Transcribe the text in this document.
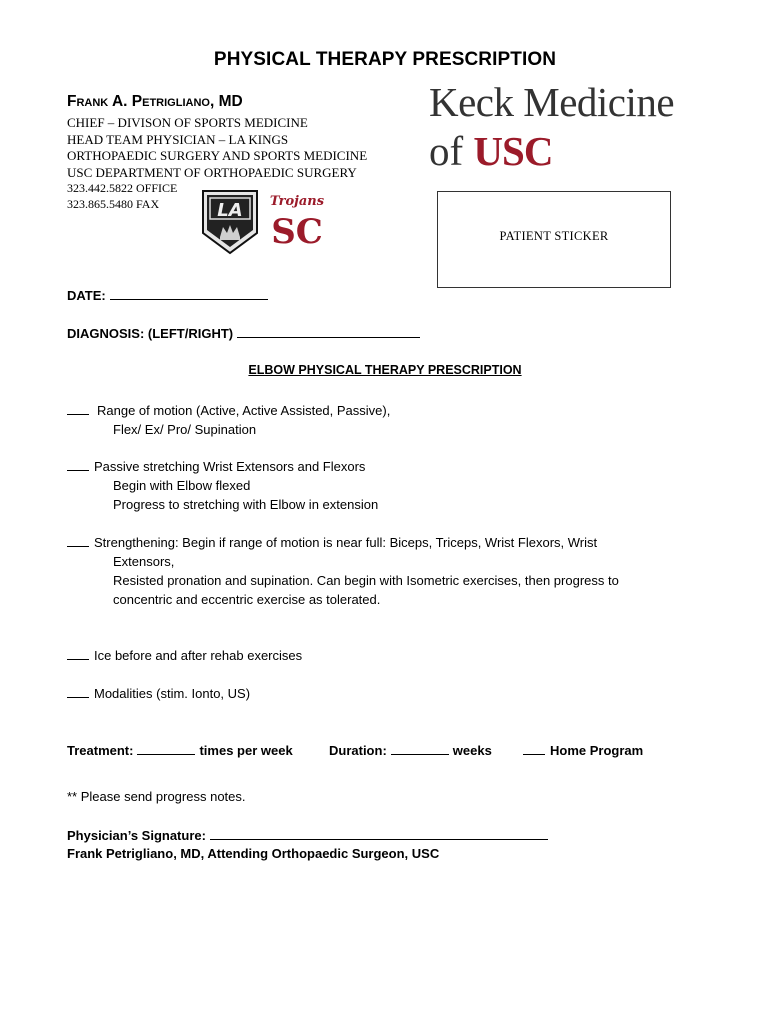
PHYSICAL THERAPY PRESCRIPTION
Frank A. Petrigliano, MD
CHIEF – DIVISON OF SPORTS MEDICINE
HEAD TEAM PHYSICIAN – LA KINGS
ORTHOPAEDIC SURGERY AND SPORTS MEDICINE
USC DEPARTMENT OF ORTHOPAEDIC SURGERY
323.442.5822 OFFICE
323.865.5480 FAX
Keck Medicine
of USC
LA Trojans
SC	PATIENT STICKER
DATE:
DIAGNOSIS: (LEFT/RIGHT)
ELBOW PHYSICAL THERAPY PRESCRIPTION
Range of motion (Active, Active Assisted, Passive),
Flex/ Ex/ Pro/ Supination
Passive stretching Wrist Extensors and Flexors
Begin with Elbow flexed
Progress to stretching with Elbow in extension
Strengthening: Begin if range of motion is near full: Biceps, Triceps, Wrist Flexors, Wrist
Extensors,
Resisted pronation and supination. Can begin with Isometric exercises, then progress to
concentric and eccentric exercise as tolerated.
Ice before and after rehab exercises
Modalities (stim. Ionto, US)
Treatment:	times per week	Duration:	weeks	Home Program
** Please send progress notes.
Physician’s Signature:
Frank Petrigliano, MD, Attending Orthopaedic Surgeon, USC
